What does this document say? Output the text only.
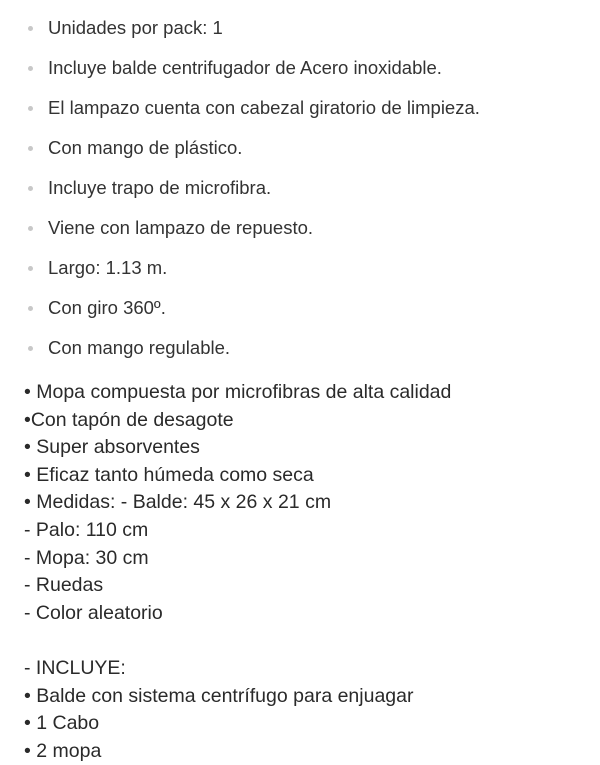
Unidades por pack: 1
Incluye balde centrifugador de Acero inoxidable.
El lampazo cuenta con cabezal giratorio de limpieza.
Con mango de plástico.
Incluye trapo de microfibra.
Viene con lampazo de repuesto.
Largo: 1.13 m.
Con giro 360º.
Con mango regulable.
• Mopa compuesta por microfibras de alta calidad
•Con tapón de desagote
• Super absorventes
• Eficaz tanto húmeda como seca
• Medidas: - Balde: 45 x 26 x 21 cm
- Palo: 110 cm
- Mopa: 30 cm
- Ruedas
- Color aleatorio
- INCLUYE:
• Balde con sistema centrífugo para enjuagar
• 1 Cabo
• 2 mopa
